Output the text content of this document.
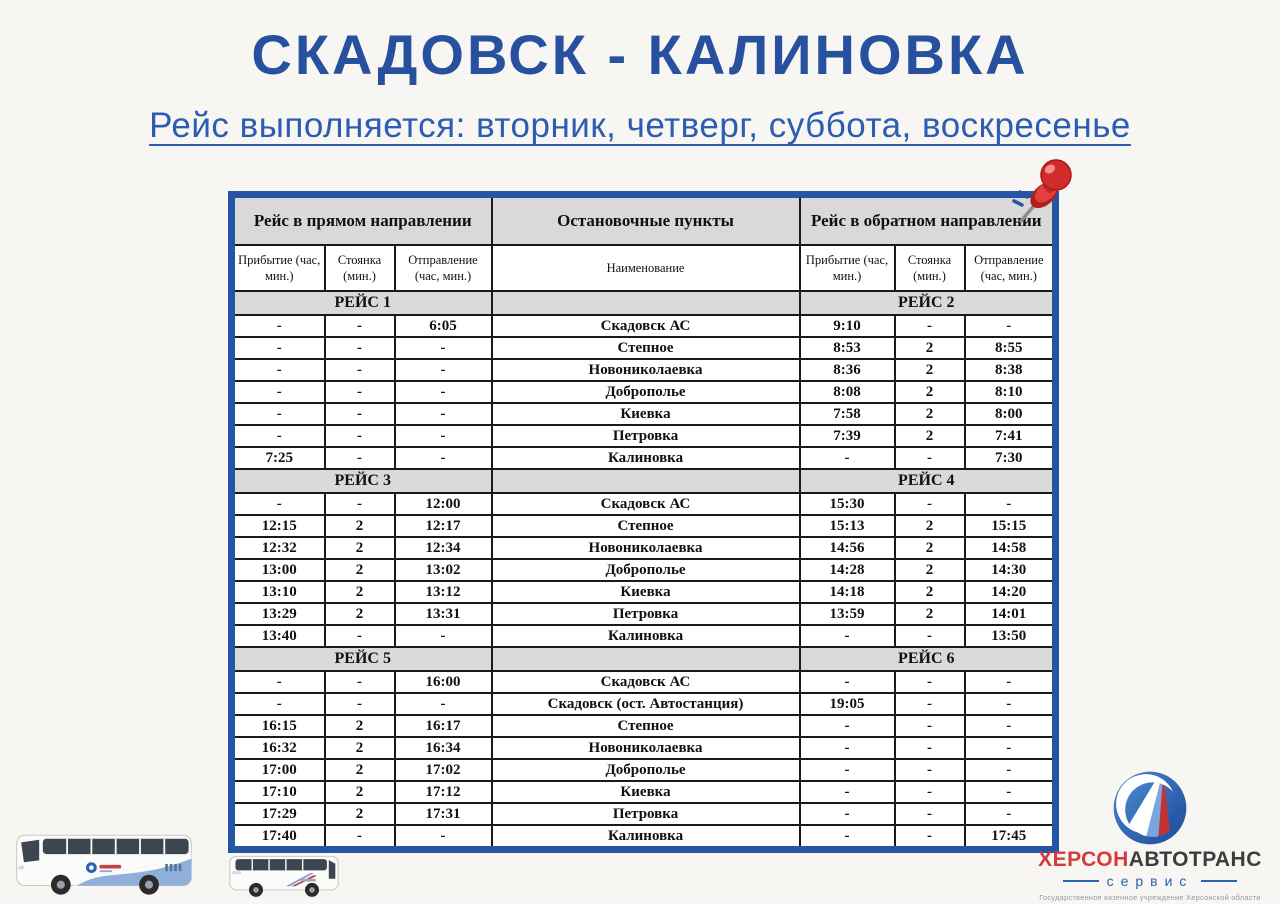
СКАДОВСК - КАЛИНОВКА
Рейс выполняется: вторник, четверг, суббота, воскресенье
Рейс в прямом направлении			Остановочные пункты	Рейс в обратном направлении		
Прибытие (час, мин.)	Стоянка (мин.)	Отправление (час, мин.)	Наименование	Прибытие (час, мин.)	Стоянка (мин.)	Отправление (час, мин.)
РЕЙС 1				РЕЙС 2		
-	-	6:05	Скадовск АС	9:10	-	-
-	-	-	Степное	8:53	2	8:55
-	-	-	Новониколаевка	8:36	2	8:38
-	-	-	Доброполье	8:08	2	8:10
-	-	-	Киевка	7:58	2	8:00
-	-	-	Петровка	7:39	2	7:41
7:25	-	-	Калиновка	-	-	7:30
РЕЙС 3				РЕЙС 4		
-	-	12:00	Скадовск АС	15:30	-	-
12:15	2	12:17	Степное	15:13	2	15:15
12:32	2	12:34	Новониколаевка	14:56	2	14:58
13:00	2	13:02	Доброполье	14:28	2	14:30
13:10	2	13:12	Киевка	14:18	2	14:20
13:29	2	13:31	Петровка	13:59	2	14:01
13:40	-	-	Калиновка	-	-	13:50
РЕЙС 5				РЕЙС 6		
-	-	16:00	Скадовск АС	-	-	-
-	-	-	Скадовск (ост. Автостанция)	19:05	-	-
16:15	2	16:17	Степное	-	-	-
16:32	2	16:34	Новониколаевка	-	-	-
17:00	2	17:02	Доброполье	-	-	-
17:10	2	17:12	Киевка	-	-	-
17:29	2	17:31	Петровка	-	-	-
17:40	-	-	Калиновка	-	-	17:45
ХЕРСОНАВТОТРАНС
сервис
Государственное казенное учреждение Херсонской области
